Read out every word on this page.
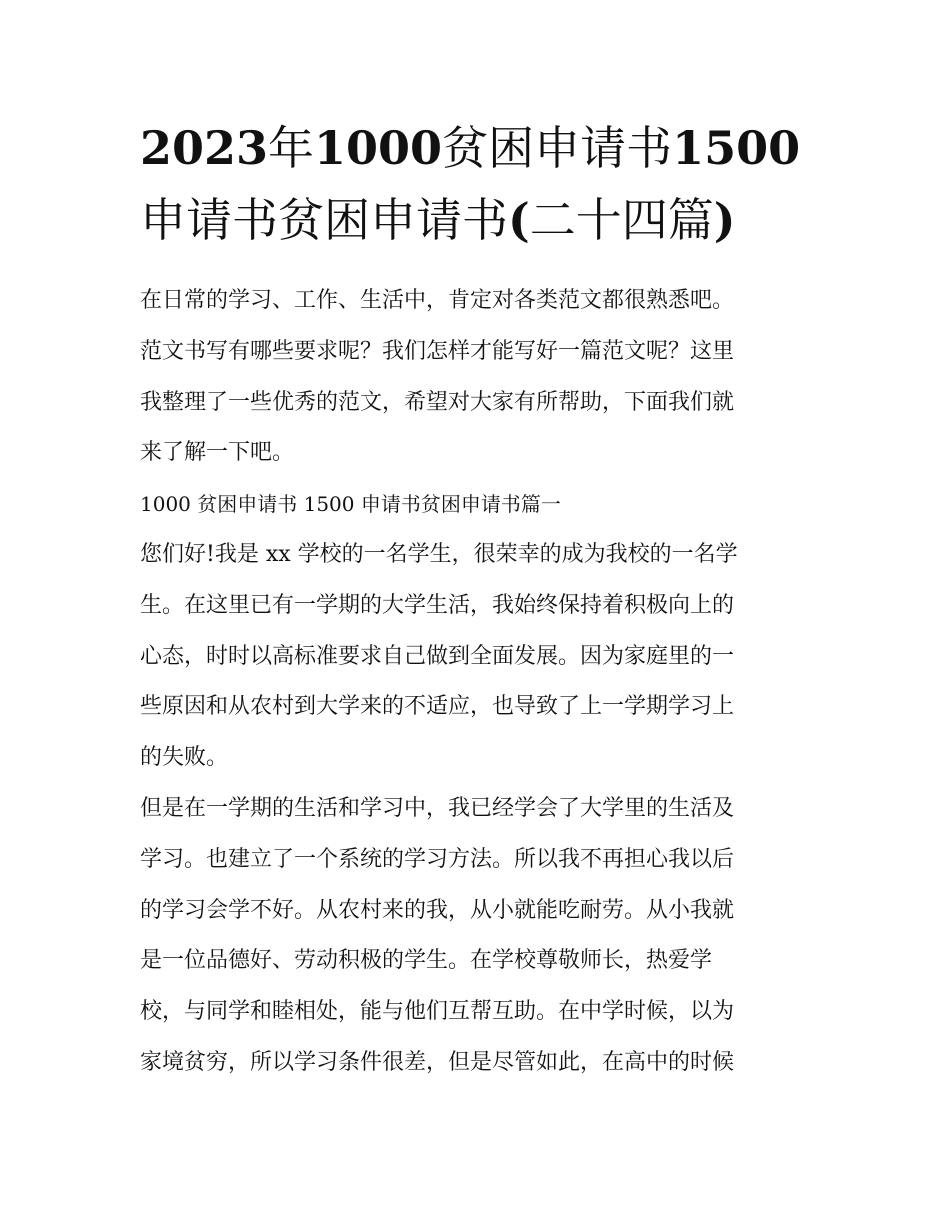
2023年1000贫困申请书1500
申请书贫困申请书(二十四篇)

在日常的学习、工作、生活中，肯定对各类范文都很熟悉吧。
范文书写有哪些要求呢？我们怎样才能写好一篇范文呢？这里
我整理了一些优秀的范文，希望对大家有所帮助，下面我们就
来了解一下吧。

1000 贫困申请书 1500 申请书贫困申请书篇一

您们好!我是 xx 学校的一名学生，很荣幸的成为我校的一名学
生。在这里已有一学期的大学生活，我始终保持着积极向上的
心态，时时以高标准要求自己做到全面发展。因为家庭里的一
些原因和从农村到大学来的不适应，也导致了上一学期学习上
的失败。

但是在一学期的生活和学习中，我已经学会了大学里的生活及
学习。也建立了一个系统的学习方法。所以我不再担心我以后
的学习会学不好。从农村来的我，从小就能吃耐劳。从小我就
是一位品德好、劳动积极的学生。在学校尊敬师长，热爱学
校，与同学和睦相处，能与他们互帮互助。在中学时候，以为
家境贫穷，所以学习条件很差，但是尽管如此，在高中的时候
